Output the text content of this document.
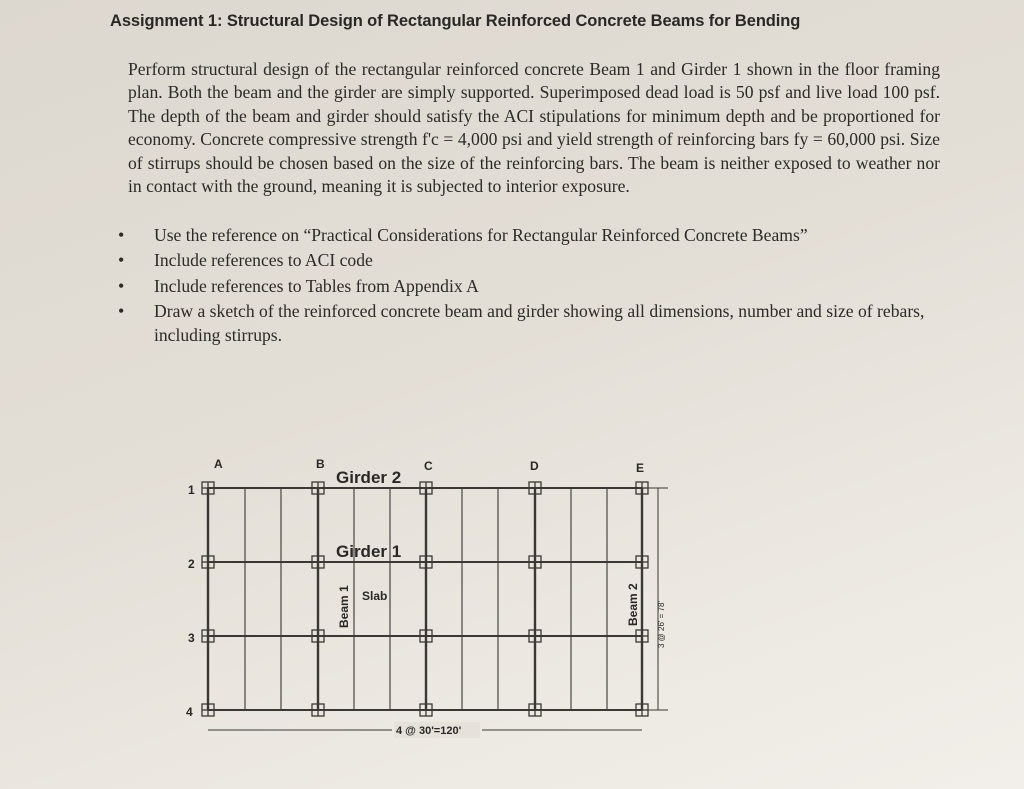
Assignment 1: Structural Design of Rectangular Reinforced Concrete Beams for Bending
Perform structural design of the rectangular reinforced concrete Beam 1 and Girder 1 shown in the floor framing plan. Both the beam and the girder are simply supported. Superimposed dead load is 50 psf and live load 100 psf. The depth of the beam and girder should satisfy the ACI stipulations for minimum depth and be proportioned for economy. Concrete compressive strength f'c = 4,000 psi and yield strength of reinforcing bars fy = 60,000 psi. Size of stirrups should be chosen based on the size of the reinforcing bars. The beam is neither exposed to weather nor in contact with the ground, meaning it is subjected to interior exposure.
• Use the reference on “Practical Considerations for Rectangular Reinforced Concrete Beams”
• Include references to ACI code
• Include references to Tables from Appendix A
• Draw a sketch of the reinforced concrete beam and girder showing all dimensions, number and size of rebars, including stirrups.
A	B	C	D	E
1
2
3
4
Girder 2
Girder 1
Slab
Beam 1	Beam 2
4 @ 30'=120'
3 @ 26' = 78'
